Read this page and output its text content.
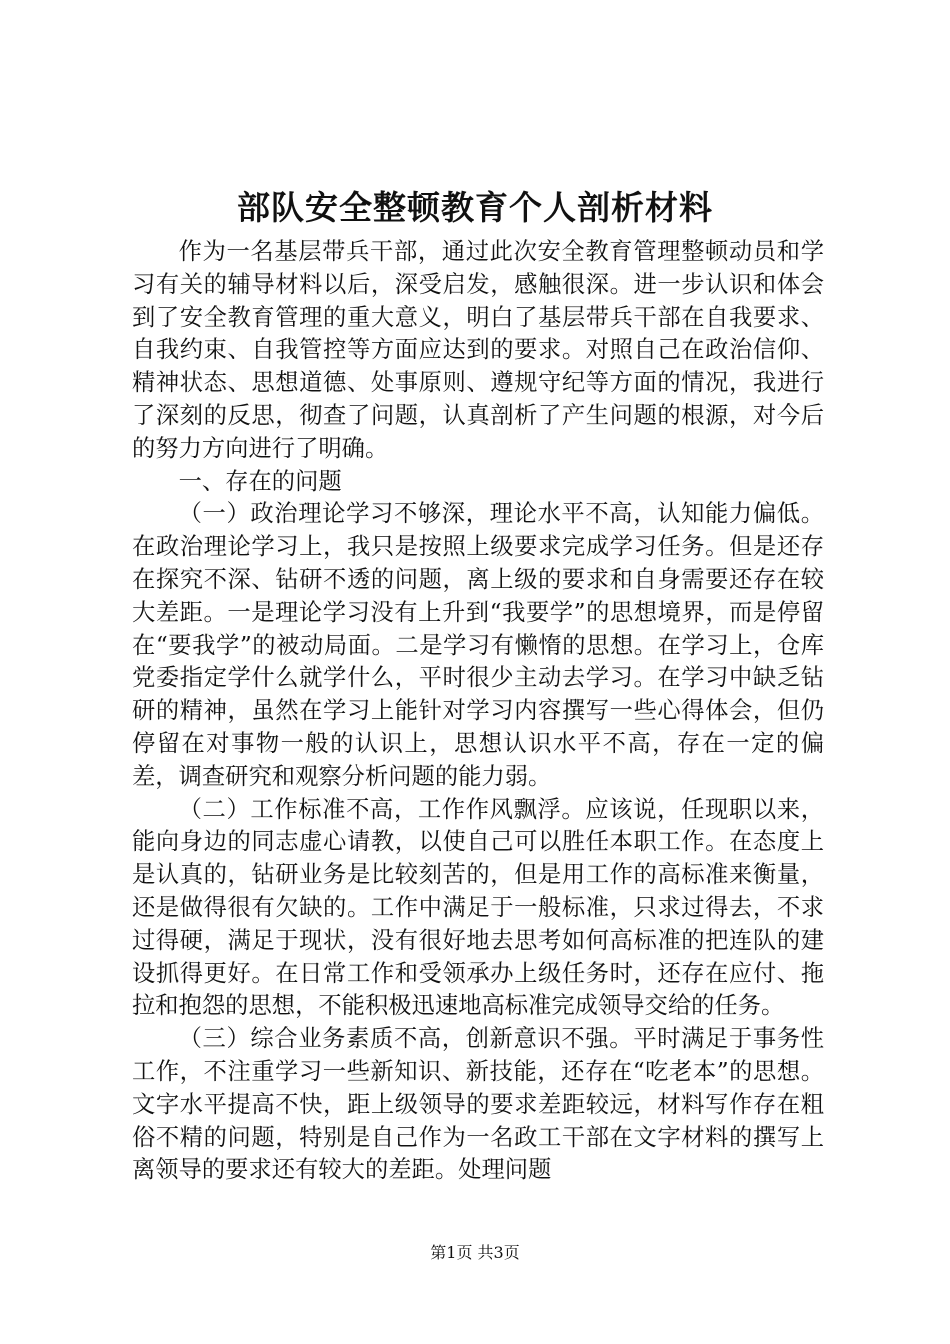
部队安全整顿教育个人剖析材料

作为一名基层带兵干部，通过此次安全教育管理整顿动员和学习有关的辅导材料以后，深受启发，感触很深。进一步认识和体会到了安全教育管理的重大意义，明白了基层带兵干部在自我要求、自我约束、自我管控等方面应达到的要求。对照自己在政治信仰、精神状态、思想道德、处事原则、遵规守纪等方面的情况，我进行了深刻的反思，彻查了问题，认真剖析了产生问题的根源，对今后的努力方向进行了明确。

一、存在的问题

（一）政治理论学习不够深，理论水平不高，认知能力偏低。在政治理论学习上，我只是按照上级要求完成学习任务。但是还存在探究不深、钻研不透的问题，离上级的要求和自身需要还存在较大差距。一是理论学习没有上升到“我要学”的思想境界，而是停留在“要我学”的被动局面。二是学习有懒惰的思想。在学习上，仓库党委指定学什么就学什么，平时很少主动去学习。在学习中缺乏钻研的精神，虽然在学习上能针对学习内容撰写一些心得体会，但仍停留在对事物一般的认识上，思想认识水平不高，存在一定的偏差，调查研究和观察分析问题的能力弱。

（二）工作标准不高，工作作风飘浮。应该说，任现职以来，能向身边的同志虚心请教，以使自己可以胜任本职工作。在态度上是认真的，钻研业务是比较刻苦的，但是用工作的高标准来衡量，还是做得很有欠缺的。工作中满足于一般标准，只求过得去，不求过得硬，满足于现状，没有很好地去思考如何高标准的把连队的建设抓得更好。在日常工作和受领承办上级任务时，还存在应付、拖拉和抱怨的思想，不能积极迅速地高标准完成领导交给的任务。

（三）综合业务素质不高，创新意识不强。平时满足于事务性工作，不注重学习一些新知识、新技能，还存在“吃老本”的思想。文字水平提高不快，距上级领导的要求差距较远，材料写作存在粗俗不精的问题，特别是自己作为一名政工干部在文字材料的撰写上离领导的要求还有较大的差距。处理问题

第1页 共3页
